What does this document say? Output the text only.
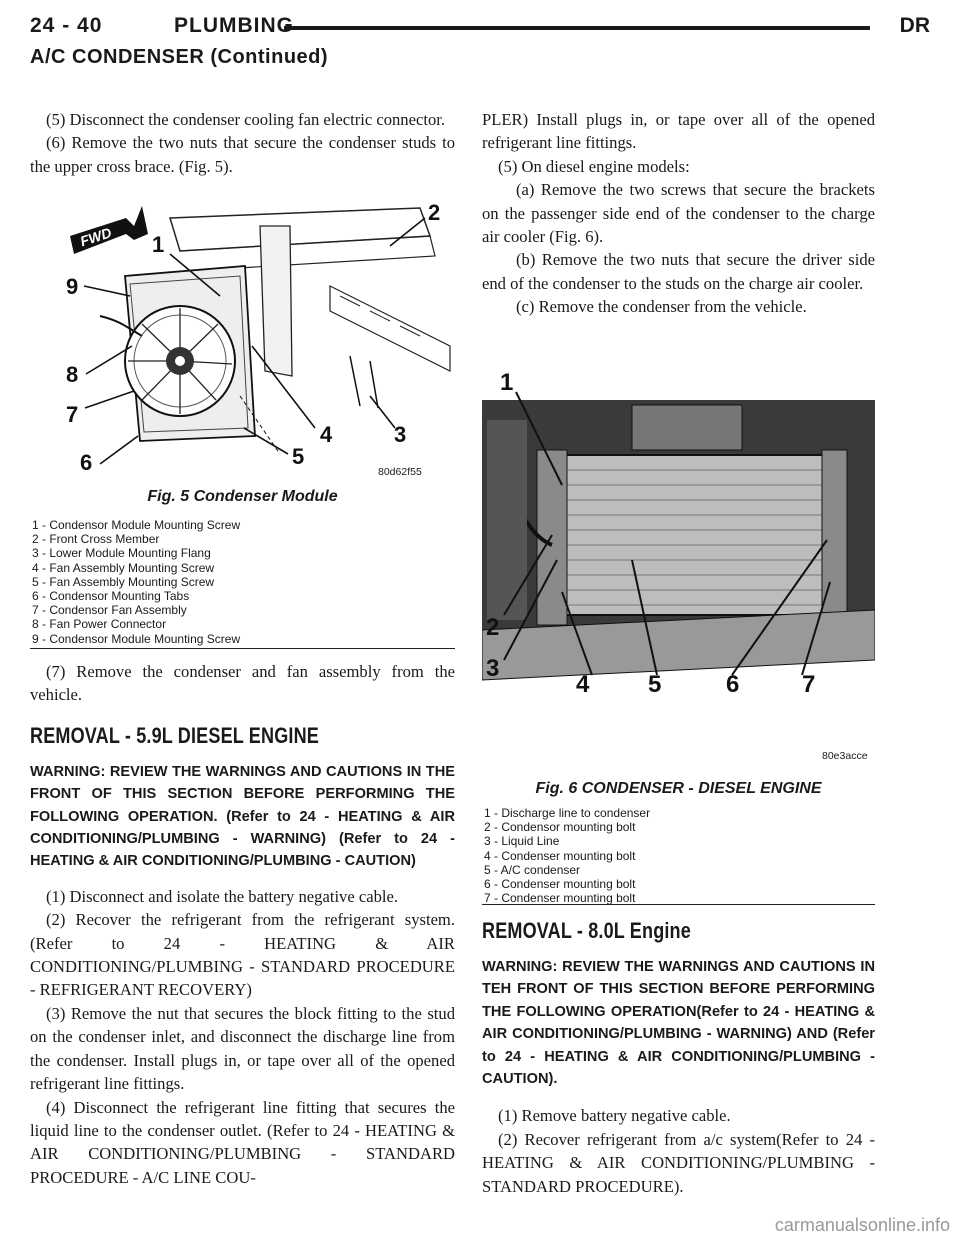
24 - 40	PLUMBING	DR
A/C CONDENSER (Continued)

(5) Disconnect the condenser cooling fan electric connector.

(6) Remove the two nuts that secure the condenser studs to the upper cross brace. (Fig. 5).

FWD 1
2
3
4
5
6
7
8
9
80d62f55
Fig. 5 Condenser Module
1 - Condensor Module Mounting Screw
2 - Front Cross Member
3 - Lower Module Mounting Flang
4 - Fan Assembly Mounting Screw
5 - Fan Assembly Mounting Screw
6 - Condensor Mounting Tabs
7 - Condensor Fan Assembly
8 - Fan Power Connector
9 - Condensor Module Mounting Screw

(7) Remove the condenser and fan assembly from the vehicle.

REMOVAL - 5.9L DIESEL ENGINE

WARNING: REVIEW THE WARNINGS AND CAUTIONS IN THE FRONT OF THIS SECTION BEFORE PERFORMING THE FOLLOWING OPERATION. (Refer to 24 - HEATING & AIR CONDITIONING/PLUMBING - WARNING) (Refer to 24 - HEATING & AIR CONDITIONING/PLUMBING - CAUTION)

(1) Disconnect and isolate the battery negative cable.

(2) Recover the refrigerant from the refrigerant system. (Refer to 24 - HEATING & AIR CONDITIONING/PLUMBING - STANDARD PROCEDURE - REFRIGERANT RECOVERY)

(3) Remove the nut that secures the block fitting to the stud on the condenser inlet, and disconnect the discharge line from the condenser. Install plugs in, or tape over all of the opened refrigerant line fittings.

(4) Disconnect the refrigerant line fitting that secures the liquid line to the condenser outlet. (Refer to 24 - HEATING & AIR CONDITIONING/PLUMBING - STANDARD PROCEDURE - A/C LINE COU-

PLER) Install plugs in, or tape over all of the opened refrigerant line fittings.

(5) On diesel engine models:

(a) Remove the two screws that secure the brackets on the passenger side end of the condenser to the charge air cooler (Fig. 6).

(b) Remove the two nuts that secure the driver side end of the condenser to the studs on the charge air cooler.

(c) Remove the condenser from the vehicle.

1
2
3
4 5	6	7
80e3acce
Fig. 6 CONDENSER - DIESEL ENGINE
1 - Discharge line to condenser
2 - Condensor mounting bolt
3 - Liquid Line
4 - Condenser mounting bolt
5 - A/C condenser
6 - Condenser mounting bolt
7 - Condenser mounting bolt
REMOVAL - 8.0L Engine

WARNING: REVIEW THE WARNINGS AND CAUTIONS IN TEH FRONT OF THIS SECTION BEFORE PERFORMING THE FOLLOWING OPERATION(Refer to 24 - HEATING & AIR CONDITIONING/PLUMBING - WARNING) AND (Refer to 24 - HEATING & AIR CONDITIONING/PLUMBING - CAUTION).

(1) Remove battery negative cable.

(2) Recover refrigerant from a/c system(Refer to 24 - HEATING & AIR CONDITIONING/PLUMBING - STANDARD PROCEDURE).

carmanualsonline.info
